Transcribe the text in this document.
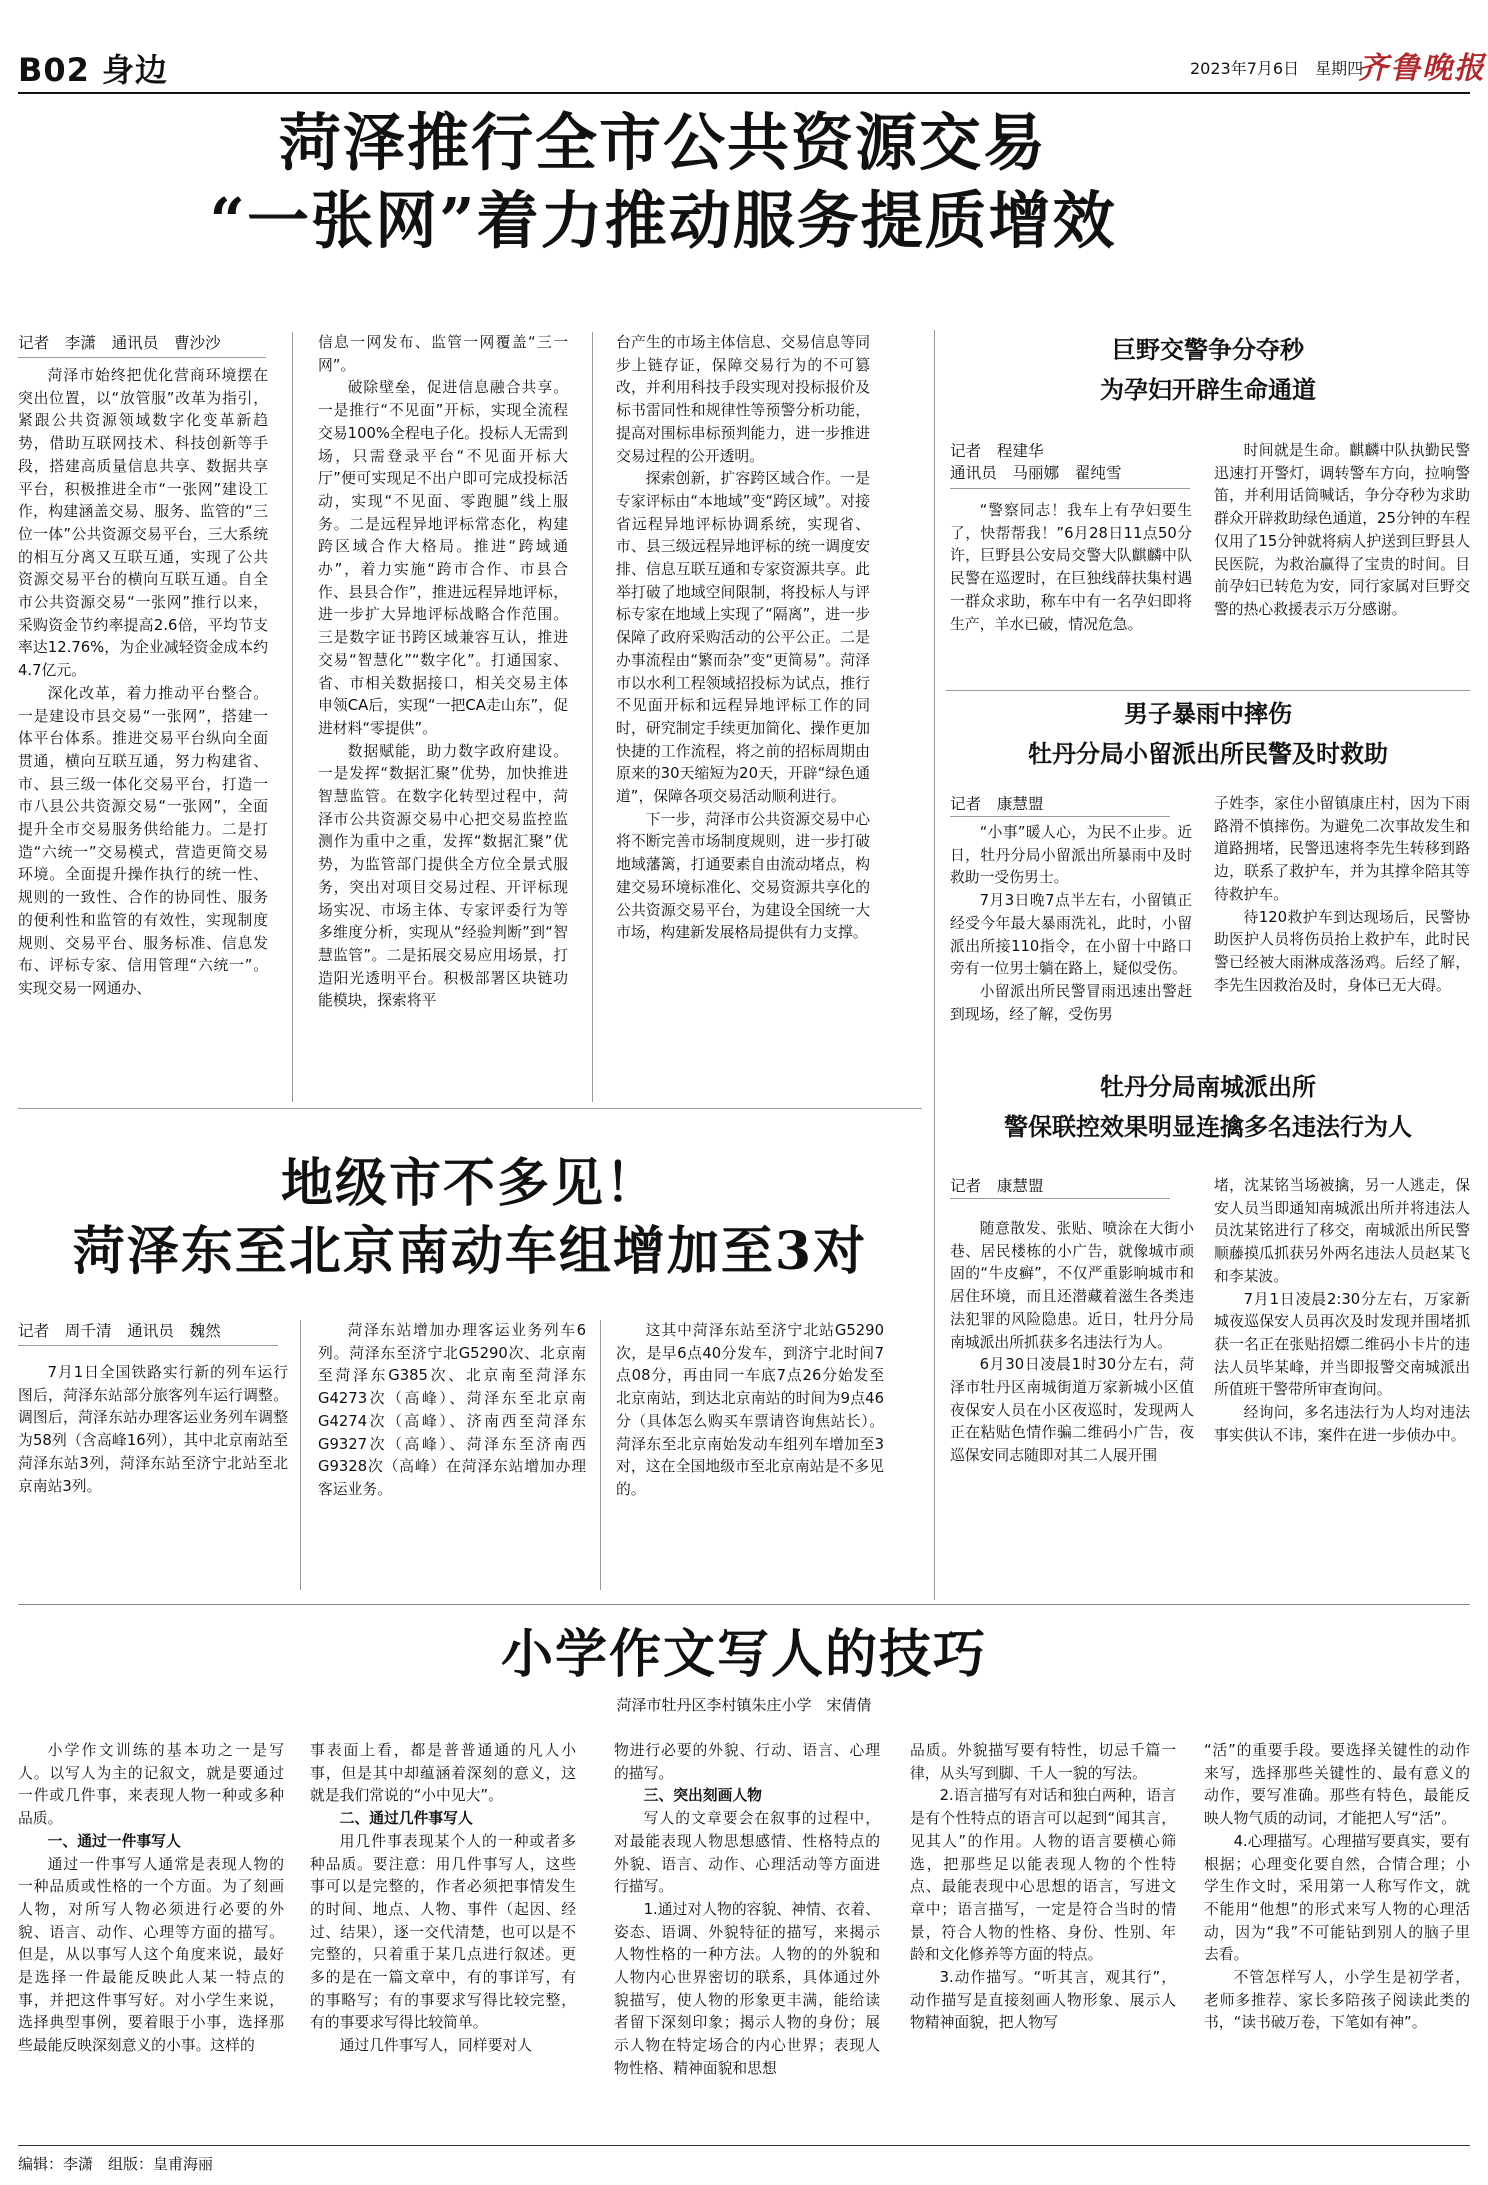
B02 身边	2023年7月6日　星期四
齐鲁晚报
菏泽推行全市公共资源交易
“一张网”着力推动服务提质增效
记者　李潇　通讯员　曹沙沙

菏泽市始终把优化营商环境摆在突出位置，以“放管服”改革为指引，紧跟公共资源领域数字化变革新趋势，借助互联网技术、科技创新等手段，搭建高质量信息共享、数据共享平台，积极推进全市“一张网”建设工作，构建涵盖交易、服务、监管的“三位一体”公共资源交易平台，三大系统的相互分离又互联互通，实现了公共资源交易平台的横向互联互通。自全市公共资源交易“一张网”推行以来，采购资金节约率提高2.6倍，平均节支率达12.76%，为企业减轻资金成本约4.7亿元。

深化改革，着力推动平台整合。一是建设市县交易“一张网”，搭建一体平台体系。推进交易平台纵向全面贯通，横向互联互通，努力构建省、市、县三级一体化交易平台，打造一市八县公共资源交易“一张网”，全面提升全市交易服务供给能力。二是打造“六统一”交易模式，营造更简交易环境。全面提升操作执行的统一性、规则的一致性、合作的协同性、服务的便利性和监管的有效性，实现制度规则、交易平台、服务标准、信息发布、评标专家、信用管理“六统一”。实现交易一网通办、

信息一网发布、监管一网覆盖“三一网”。

破除壁垒，促进信息融合共享。一是推行“不见面”开标，实现全流程交易100%全程电子化。投标人无需到场，只需登录平台“不见面开标大厅”便可实现足不出户即可完成投标活动，实现“不见面、零跑腿”线上服务。二是远程异地评标常态化，构建跨区域合作大格局。推进“跨域通办”，着力实施“跨市合作、市县合作、县县合作”，推进远程异地评标，进一步扩大异地评标战略合作范围。三是数字证书跨区域兼容互认，推进交易“智慧化”“数字化”。打通国家、省、市相关数据接口，相关交易主体申领CA后，实现“一把CA走山东”，促进材料“零提供”。

数据赋能，助力数字政府建设。一是发挥“数据汇聚”优势，加快推进智慧监管。在数字化转型过程中，菏泽市公共资源交易中心把交易监控监测作为重中之重，发挥“数据汇聚”优势，为监管部门提供全方位全景式服务，突出对项目交易过程、开评标现场实况、市场主体、专家评委行为等多维度分析，实现从“经验判断”到“智慧监管”。二是拓展交易应用场景，打造阳光透明平台。积极部署区块链功能模块，探索将平

台产生的市场主体信息、交易信息等同步上链存证，保障交易行为的不可篡改，并利用科技手段实现对投标报价及标书雷同性和规律性等预警分析功能，提高对围标串标预判能力，进一步推进交易过程的公开透明。

探索创新，扩容跨区域合作。一是专家评标由“本地域”变“跨区域”。对接省远程异地评标协调系统，实现省、市、县三级远程异地评标的统一调度安排、信息互联互通和专家资源共享。此举打破了地域空间限制，将投标人与评标专家在地域上实现了“隔离”，进一步保障了政府采购活动的公平公正。二是办事流程由“繁而杂”变“更简易”。菏泽市以水利工程领域招投标为试点，推行不见面开标和远程异地评标工作的同时，研究制定手续更加简化、操作更加快捷的工作流程，将之前的招标周期由原来的30天缩短为20天，开辟“绿色通道”，保障各项交易活动顺利进行。

下一步，菏泽市公共资源交易中心将不断完善市场制度规则，进一步打破地域藩篱，打通要素自由流动堵点，构建交易环境标准化、交易资源共享化的公共资源交易平台，为建设全国统一大市场，构建新发展格局提供有力支撑。

巨野交警争分夺秒
为孕妇开辟生命通道
记者　程建华
通讯员　马丽娜　翟纯雪

“警察同志！我车上有孕妇要生了，快帮帮我！”6月28日11点50分许，巨野县公安局交警大队麒麟中队民警在巡逻时，在巨独线薛扶集村遇一群众求助，称车中有一名孕妇即将生产，羊水已破，情况危急。

时间就是生命。麒麟中队执勤民警迅速打开警灯，调转警车方向，拉响警笛，并利用话筒喊话，争分夺秒为求助群众开辟救助绿色通道，25分钟的车程仅用了15分钟就将病人护送到巨野县人民医院，为救治赢得了宝贵的时间。目前孕妇已转危为安，同行家属对巨野交警的热心救援表示万分感谢。

男子暴雨中摔伤
牡丹分局小留派出所民警及时救助
记者　康慧盟

“小事”暖人心，为民不止步。近日，牡丹分局小留派出所暴雨中及时救助一受伤男士。

7月3日晚7点半左右，小留镇正经受今年最大暴雨洗礼，此时，小留派出所接110指令，在小留十中路口旁有一位男士躺在路上，疑似受伤。

小留派出所民警冒雨迅速出警赶到现场，经了解，受伤男

子姓李，家住小留镇康庄村，因为下雨路滑不慎摔伤。为避免二次事故发生和道路拥堵，民警迅速将李先生转移到路边，联系了救护车，并为其撑伞陪其等待救护车。

待120救护车到达现场后，民警协助医护人员将伤员抬上救护车，此时民警已经被大雨淋成落汤鸡。后经了解，李先生因救治及时，身体已无大碍。

牡丹分局南城派出所
警保联控效果明显连擒多名违法行为人
记者　康慧盟

随意散发、张贴、喷涂在大街小巷、居民楼栋的小广告，就像城市顽固的“牛皮癣”，不仅严重影响城市和居住环境，而且还潜藏着滋生各类违法犯罪的风险隐患。近日，牡丹分局南城派出所抓获多名违法行为人。

6月30日凌晨1时30分左右，菏泽市牡丹区南城街道万家新城小区值夜保安人员在小区夜巡时，发现两人正在粘贴色情作骗二维码小广告，夜巡保安同志随即对其二人展开围

堵，沈某铭当场被擒，另一人逃走，保安人员当即通知南城派出所并将违法人员沈某铭进行了移交，南城派出所民警顺藤摸瓜抓获另外两名违法人员赵某飞和李某波。

7月1日凌晨2:30分左右，万家新城夜巡保安人员再次及时发现并围堵抓获一名正在张贴招嫖二维码小卡片的违法人员毕某峰，并当即报警交南城派出所值班干警带所审查询问。

经询问，多名违法行为人均对违法事实供认不讳，案件在进一步侦办中。

地级市不多见！
菏泽东至北京南动车组增加至3对
记者　周千清　通讯员　魏然

7月1日全国铁路实行新的列车运行图后，菏泽东站部分旅客列车运行调整。调图后，菏泽东站办理客运业务列车调整为58列（含高峰16列），其中北京南站至菏泽东站3列，菏泽东站至济宁北站至北京南站3列。

菏泽东站增加办理客运业务列车6列。菏泽东至济宁北G5290次、北京南至菏泽东G385次、北京南至菏泽东G4273次（高峰）、菏泽东至北京南G4274次（高峰）、济南西至菏泽东G9327次（高峰）、菏泽东至济南西G9328次（高峰）在菏泽东站增加办理客运业务。

这其中菏泽东站至济宁北站G5290次，是早6点40分发车，到济宁北时间7点08分，再由同一车底7点26分始发至北京南站，到达北京南站的时间为9点46分（具体怎么购买车票请咨询焦站长）。菏泽东至北京南始发动车组列车增加至3对，这在全国地级市至北京南站是不多见的。

小学作文写人的技巧
菏泽市牡丹区李村镇朱庄小学　宋倩倩

小学作文训练的基本功之一是写人。以写人为主的记叙文，就是要通过一件或几件事，来表现人物一种或多种品质。

一、通过一件事写人

通过一件事写人通常是表现人物的一种品质或性格的一个方面。为了刻画人物，对所写人物必须进行必要的外貌、语言、动作、心理等方面的描写。但是，从以事写人这个角度来说，最好是选择一件最能反映此人某一特点的事，并把这件事写好。对小学生来说，选择典型事例，要着眼于小事，选择那些最能反映深刻意义的小事。这样的

事表面上看，都是普普通通的凡人小事，但是其中却蕴涵着深刻的意义，这就是我们常说的“小中见大”。

二、通过几件事写人

用几件事表现某个人的一种或者多种品质。要注意：用几件事写人，这些事可以是完整的，作者必须把事情发生的时间、地点、人物、事件（起因、经过、结果），逐一交代清楚，也可以是不完整的，只着重于某几点进行叙述。更多的是在一篇文章中，有的事详写，有的事略写；有的事要求写得比较完整，有的事要求写得比较简单。

通过几件事写人，同样要对人

物进行必要的外貌、行动、语言、心理的描写。

三、突出刻画人物

写人的文章要会在叙事的过程中，对最能表现人物思想感情、性格特点的外貌、语言、动作、心理活动等方面进行描写。

1.通过对人物的容貌、神情、衣着、姿态、语调、外貌特征的描写，来揭示人物性格的一种方法。人物的的外貌和人物内心世界密切的联系，具体通过外貌描写，使人物的形象更丰满，能给读者留下深刻印象；揭示人物的身份；展示人物在特定场合的内心世界；表现人物性格、精神面貌和思想

品质。外貌描写要有特性，切忌千篇一律，从头写到脚、千人一貌的写法。

2.语言描写有对话和独白两种，语言是有个性特点的语言可以起到“闻其言，见其人”的作用。人物的语言要横心筛选，把那些足以能表现人物的个性特点、最能表现中心思想的语言，写进文章中；语言描写，一定是符合当时的情景，符合人物的性格、身份、性别、年龄和文化修养等方面的特点。

3.动作描写。“听其言，观其行”，动作描写是直接刻画人物形象、展示人物精神面貌，把人物写

“活”的重要手段。要选择关键性的动作来写，选择那些关键性的、最有意义的动作，要写准确。那些有特色，最能反映人物气质的动词，才能把人写“活”。

4.心理描写。心理描写要真实，要有根据；心理变化要自然，合情合理；小学生作文时，采用第一人称写作文，就不能用“他想”的形式来写人物的心理活动，因为“我”不可能钻到别人的脑子里去看。

不管怎样写人，小学生是初学者，老师多推荐、家长多陪孩子阅读此类的书，“读书破万卷，下笔如有神”。

编辑：李潇　组版：皇甫海丽
